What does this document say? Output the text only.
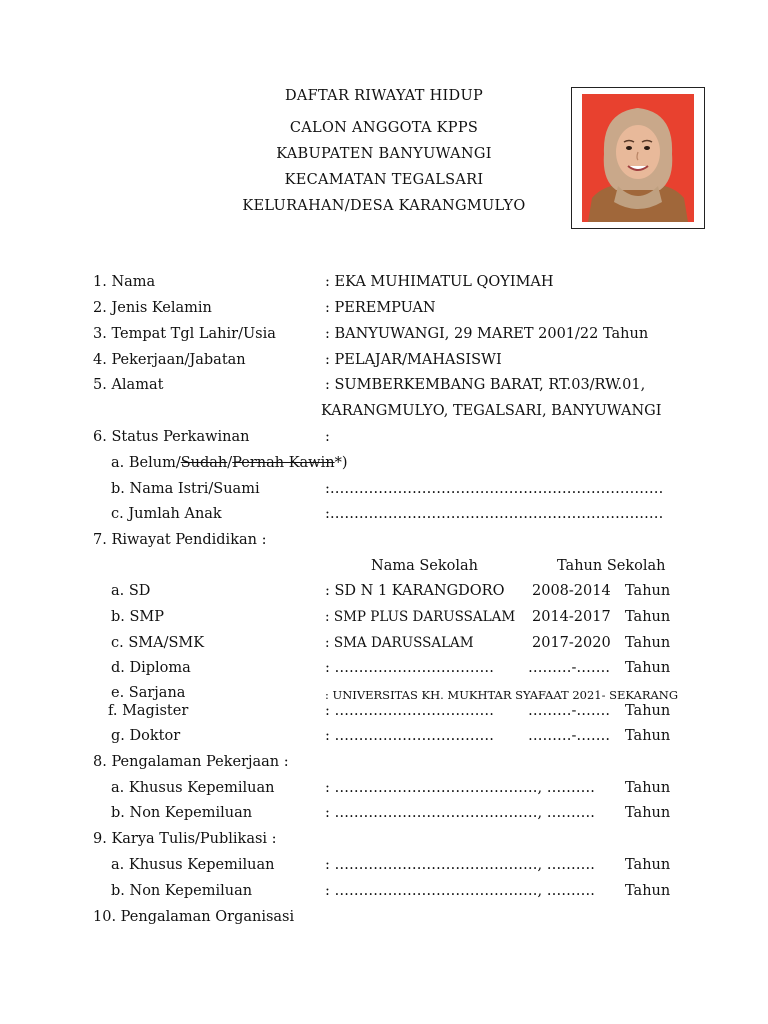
DAFTAR RIWAYAT HIDUP
CALON ANGGOTA KPPS
KABUPATEN BANYUWANGI
KECAMATAN TEGALSARI
KELURAHAN/DESA KARANGMULYO
1. Nama	: EKA MUHIMATUL QOYIMAH
2. Jenis Kelamin	: PEREMPUAN
3. Tempat Tgl Lahir/Usia	: BANYUWANGI, 29 MARET 2001/22 Tahun
4. Pekerjaan/Jabatan	: PELAJAR/MAHASISWI
5. Alamat	: SUMBERKEMBANG BARAT, RT.03/RW.01,
KARANGMULYO, TEGALSARI, BANYUWANGI
6. Status Perkawinan	:
a. Belum/Sudah/Pernah Kawin*)
b. Nama Istri/Suami	:……………………………………………………………
c. Jumlah Anak	:……………………………………………………………
7. Riwayat Pendidikan :
Nama Sekolah	Tahun Sekolah
a. SD	: SD N 1 KARANGDORO 2008-2014 Tahun
b. SMP	: SMP PLUS DARUSSALAM 2014-2017 Tahun
c. SMA/SMK	: SMA DARUSSALAM	2017-2020 Tahun
d. Diploma	: …………………………… ………-……. Tahun
e. Sarjana	: UNIVERSITAS KH. MUKHTAR SYAFAAT 2021- SEKARANG
f. Magister	: …………………………… ………-……. Tahun
g. Doktor	: …………………………… ………-……. Tahun
8. Pengalaman Pekerjaan :
a. Khusus Kepemiluan	: ……………………………………, ………. Tahun
b. Non Kepemiluan	: ……………………………………, ………. Tahun
9. Karya Tulis/Publikasi :
a. Khusus Kepemiluan	: ……………………………………, ………. Tahun
b. Non Kepemiluan	: ……………………………………, ………. Tahun
10. Pengalaman Organisasi
